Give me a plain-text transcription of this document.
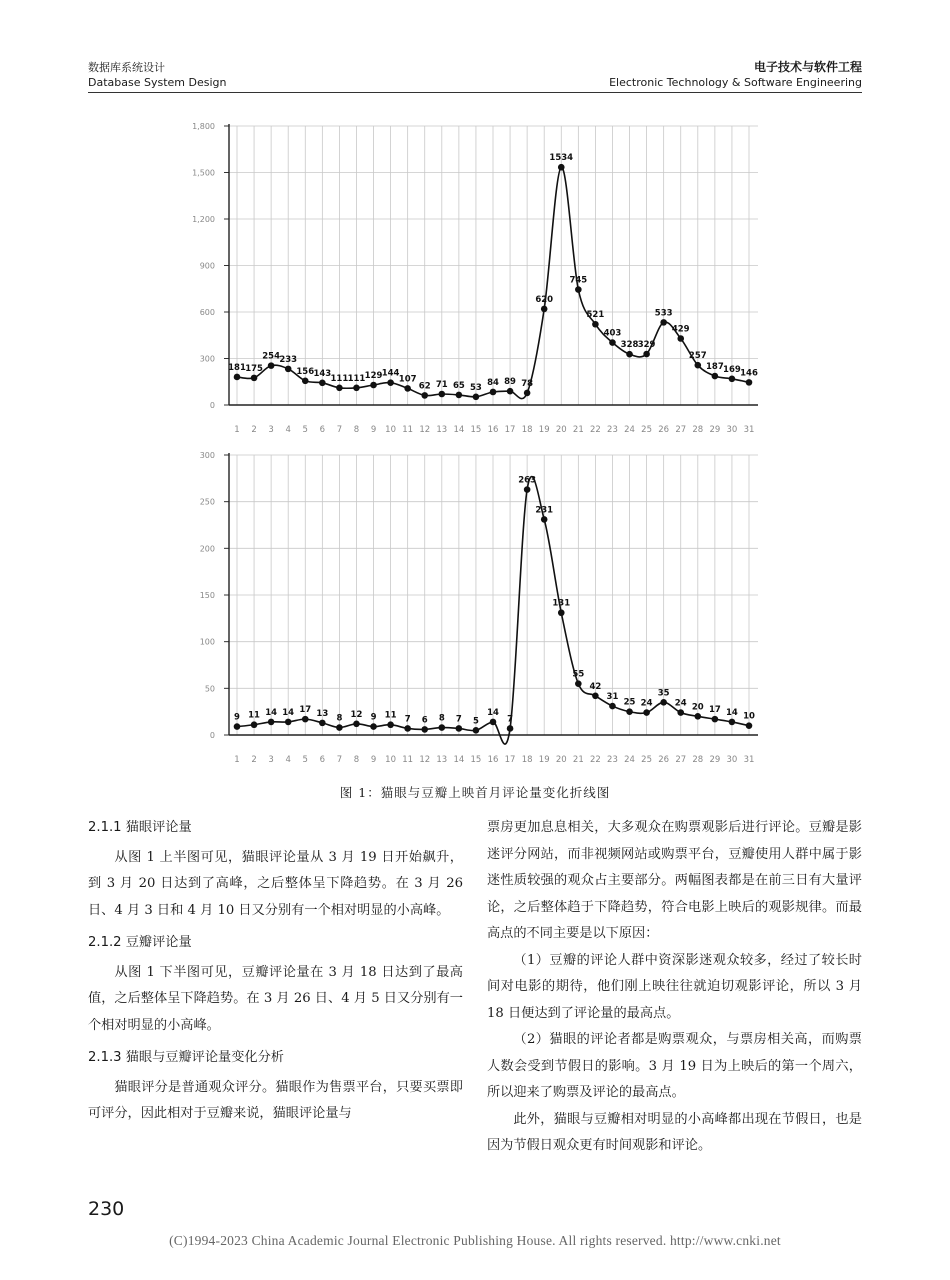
数据库系统设计
Database System Design
电子技术与软件工程
Electronic Technology & Software Engineering
0
300
600
900
1,200
1,500
1,800
1 2 3 4 5 6 7 8 9 10 11 12 13 14 15 16 17 18 19 20 21 22 23 24 25 26 27 28 29 30 31
181 175
254 233
156 143 111 111 129 144
107
62 71 65 53 84 89 78
620
1534
745
521
403
328 329
533
429
257
187 169 146
0
50
100
150
200
250
300
1 2 3 4 5 6 7 8 9 10 11 12 13 14 15 16 17 18 19 20 21 22 23 24 25 26 27 28 29 30 31
9 11 14 14 17 13 8 12 9 11 7 6 8 7 5
14
7
263
231
131
55
42
31
25 24
35
24 20 17 14 10
图 1：猫眼与豆瓣上映首月评论量变化折线图
2.1.1 猫眼评论量

从图 1 上半图可见，猫眼评论量从 3 月 19 日开始飙升，到 3 月 20 日达到了高峰，之后整体呈下降趋势。在 3 月 26 日、4 月 3 日和 4 月 10 日又分别有一个相对明显的小高峰。

2.1.2 豆瓣评论量

从图 1 下半图可见，豆瓣评论量在 3 月 18 日达到了最高值，之后整体呈下降趋势。在 3 月 26 日、4 月 5 日又分别有一个相对明显的小高峰。

2.1.3 猫眼与豆瓣评论量变化分析

猫眼评分是普通观众评分。猫眼作为售票平台，只要买票即可评分，因此相对于豆瓣来说，猫眼评论量与

票房更加息息相关，大多观众在购票观影后进行评论。豆瓣是影迷评分网站，而非视频网站或购票平台，豆瓣使用人群中属于影迷性质较强的观众占主要部分。两幅图表都是在前三日有大量评论，之后整体趋于下降趋势，符合电影上映后的观影规律。而最高点的不同主要是以下原因：

（1）豆瓣的评论人群中资深影迷观众较多，经过了较长时间对电影的期待，他们刚上映往往就迫切观影评论，所以 3 月 18 日便达到了评论量的最高点。

（2）猫眼的评论者都是购票观众，与票房相关高，而购票人数会受到节假日的影响。3 月 19 日为上映后的第一个周六，所以迎来了购票及评论的最高点。

此外，猫眼与豆瓣相对明显的小高峰都出现在节假日，也是因为节假日观众更有时间观影和评论。

230
(C)1994-2023 China Academic Journal Electronic Publishing House. All rights reserved. http://www.cnki.net
